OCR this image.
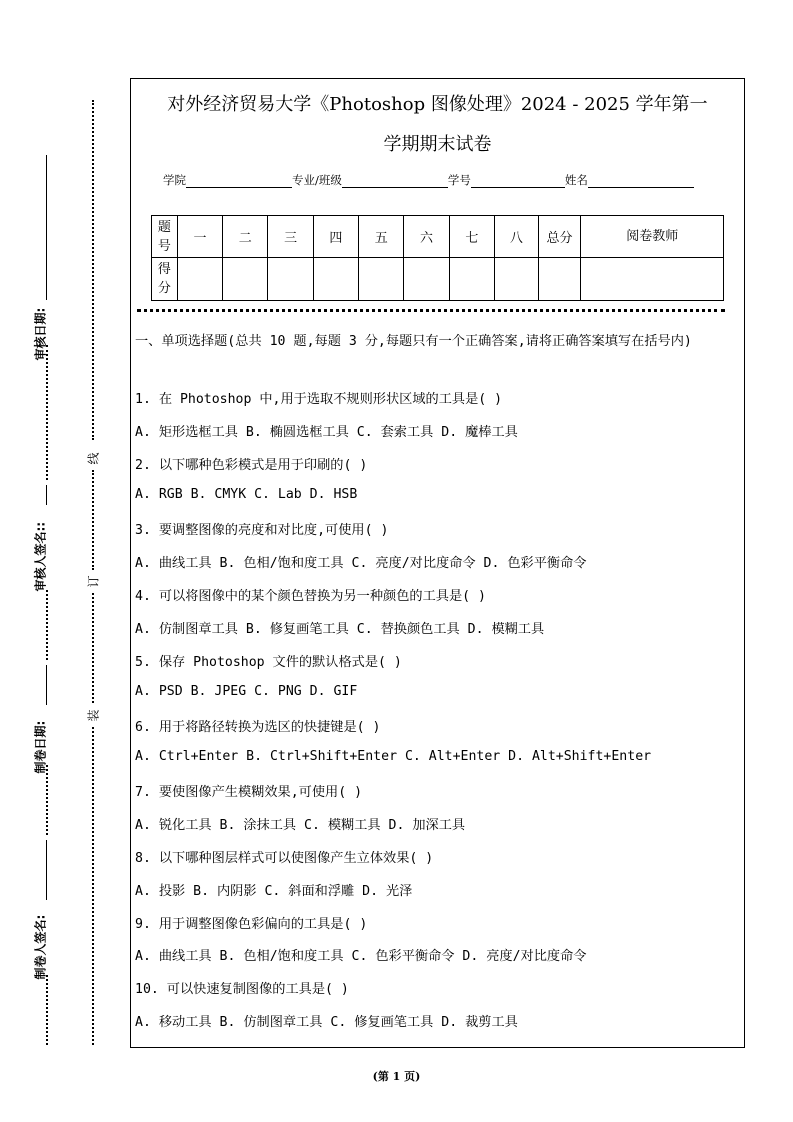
审核日期:
审核人签名::
制卷日期:
制卷人签名:
线
订
装
对外经济贸易大学《Photoshop 图像处理》2024 - 2025 学年第一
学期期末试卷
学院	专业/班级	学号	姓名
题号	一	二	三	四	五	六	七	八	总分	阅卷教师
得分										
一、单项选择题(总共 10 题,每题 3 分,每题只有一个正确答案,请将正确答案填写在括号内)
1. 在 Photoshop 中,用于选取不规则形状区域的工具是( )
A. 矩形选框工具 B. 椭圆选框工具 C. 套索工具 D. 魔棒工具
2. 以下哪种色彩模式是用于印刷的( )
A. RGB B. CMYK C. Lab D. HSB
3. 要调整图像的亮度和对比度,可使用( )
A. 曲线工具 B. 色相/饱和度工具 C. 亮度/对比度命令 D. 色彩平衡命令
4. 可以将图像中的某个颜色替换为另一种颜色的工具是( )
A. 仿制图章工具 B. 修复画笔工具 C. 替换颜色工具 D. 模糊工具
5. 保存 Photoshop 文件的默认格式是( )
A. PSD B. JPEG C. PNG D. GIF
6. 用于将路径转换为选区的快捷键是( )
A. Ctrl+Enter B. Ctrl+Shift+Enter C. Alt+Enter D. Alt+Shift+Enter
7. 要使图像产生模糊效果,可使用( )
A. 锐化工具 B. 涂抹工具 C. 模糊工具 D. 加深工具
8. 以下哪种图层样式可以使图像产生立体效果( )
A. 投影 B. 内阴影 C. 斜面和浮雕 D. 光泽
9. 用于调整图像色彩偏向的工具是( )
A. 曲线工具 B. 色相/饱和度工具 C. 色彩平衡命令 D. 亮度/对比度命令
10. 可以快速复制图像的工具是( )
A. 移动工具 B. 仿制图章工具 C. 修复画笔工具 D. 裁剪工具
(第 1 页)
